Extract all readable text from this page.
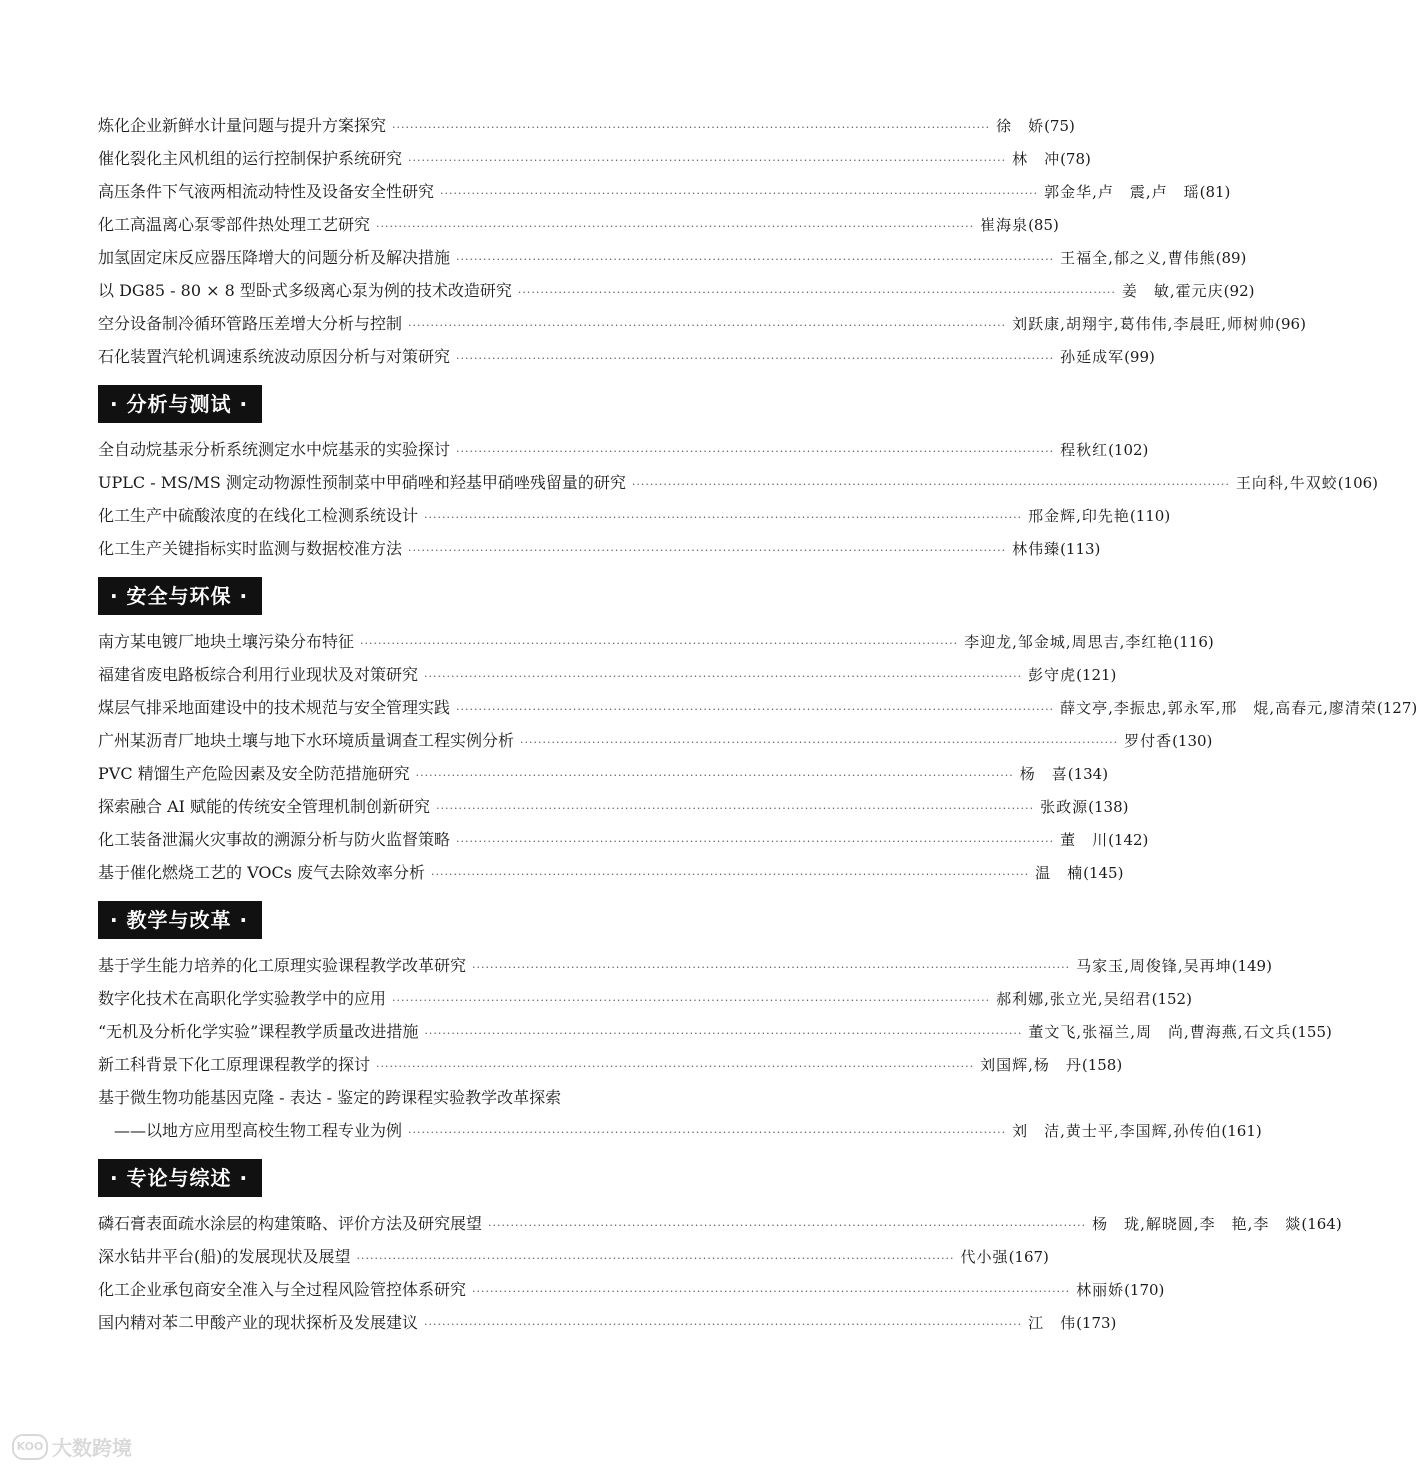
炼化企业新鲜水计量问题与提升方案探究 ····································································································································· 徐　娇 (75)
催化裂化主风机组的运行控制保护系统研究 ····································································································································· 林　冲 (78)
高压条件下气液两相流动特性及设备安全性研究 ····································································································································· 郭金华,卢　震,卢　瑶 (81)
化工高温离心泵零部件热处理工艺研究 ····································································································································· 崔海泉 (85)
加氢固定床反应器压降增大的问题分析及解决措施 ····································································································································· 王福全,郁之义,曹伟熊 (89)
以 DG85 - 80 × 8 型卧式多级离心泵为例的技术改造研究 ····································································································································· 姜　敏,霍元庆 (92)
空分设备制冷循环管路压差增大分析与控制 ····································································································································· 刘跃康,胡翔宇,葛伟伟,李晨旺,师树帅 (96)
石化装置汽轮机调速系统波动原因分析与对策研究 ····································································································································· 孙延成军 (99)
· 分析与测试 ·
全自动烷基汞分析系统测定水中烷基汞的实验探讨 ····································································································································· 程秋红 (102)
UPLC - MS/MS 测定动物源性预制菜中甲硝唑和羟基甲硝唑残留量的研究 ····································································································································· 王向科,牛双蛟 (106)
化工生产中硫酸浓度的在线化工检测系统设计 ····································································································································· 邢金辉,印先艳 (110)
化工生产关键指标实时监测与数据校准方法 ····································································································································· 林伟臻 (113)
· 安全与环保 ·
南方某电镀厂地块土壤污染分布特征 ····································································································································· 李迎龙,邹金城,周思吉,李红艳 (116)
福建省废电路板综合利用行业现状及对策研究 ····································································································································· 彭守虎 (121)
煤层气排采地面建设中的技术规范与安全管理实践 ····································································································································· 薛文亭,李振忠,郭永军,邢　焜,高春元,廖清荣 (127)
广州某沥青厂地块土壤与地下水环境质量调查工程实例分析 ····································································································································· 罗付香 (130)
PVC 精馏生产危险因素及安全防范措施研究 ····································································································································· 杨　喜 (134)
探索融合 AI 赋能的传统安全管理机制创新研究 ····································································································································· 张政源 (138)
化工装备泄漏火灾事故的溯源分析与防火监督策略 ····································································································································· 董　川 (142)
基于催化燃烧工艺的 VOCs 废气去除效率分析 ····································································································································· 温　楠 (145)
· 教学与改革 ·
基于学生能力培养的化工原理实验课程教学改革研究 ····································································································································· 马家玉,周俊锋,吴再坤 (149)
数字化技术在高职化学实验教学中的应用 ····································································································································· 郝利娜,张立光,吴绍君 (152)
“无机及分析化学实验”课程教学质量改进措施 ····································································································································· 董文飞,张福兰,周　尚,曹海燕,石文兵 (155)
新工科背景下化工原理课程教学的探讨 ····································································································································· 刘国辉,杨　丹 (158)
基于微生物功能基因克隆 - 表达 - 鉴定的跨课程实验教学改革探索
——以地方应用型高校生物工程专业为例 ····································································································································· 刘　洁,黄士平,李国辉,孙传伯 (161)
· 专论与综述 ·
磷石膏表面疏水涂层的构建策略、评价方法及研究展望 ····································································································································· 杨　珑,解晓圆,李　艳,李　燚 (164)
深水钻井平台(船)的发展现状及展望 ····································································································································· 代小强 (167)
化工企业承包商安全准入与全过程风险管控体系研究 ····································································································································· 林丽娇 (170)
国内精对苯二甲酸产业的现状探析及发展建议 ····································································································································· 江　伟 (173)
KOO 大数跨境
